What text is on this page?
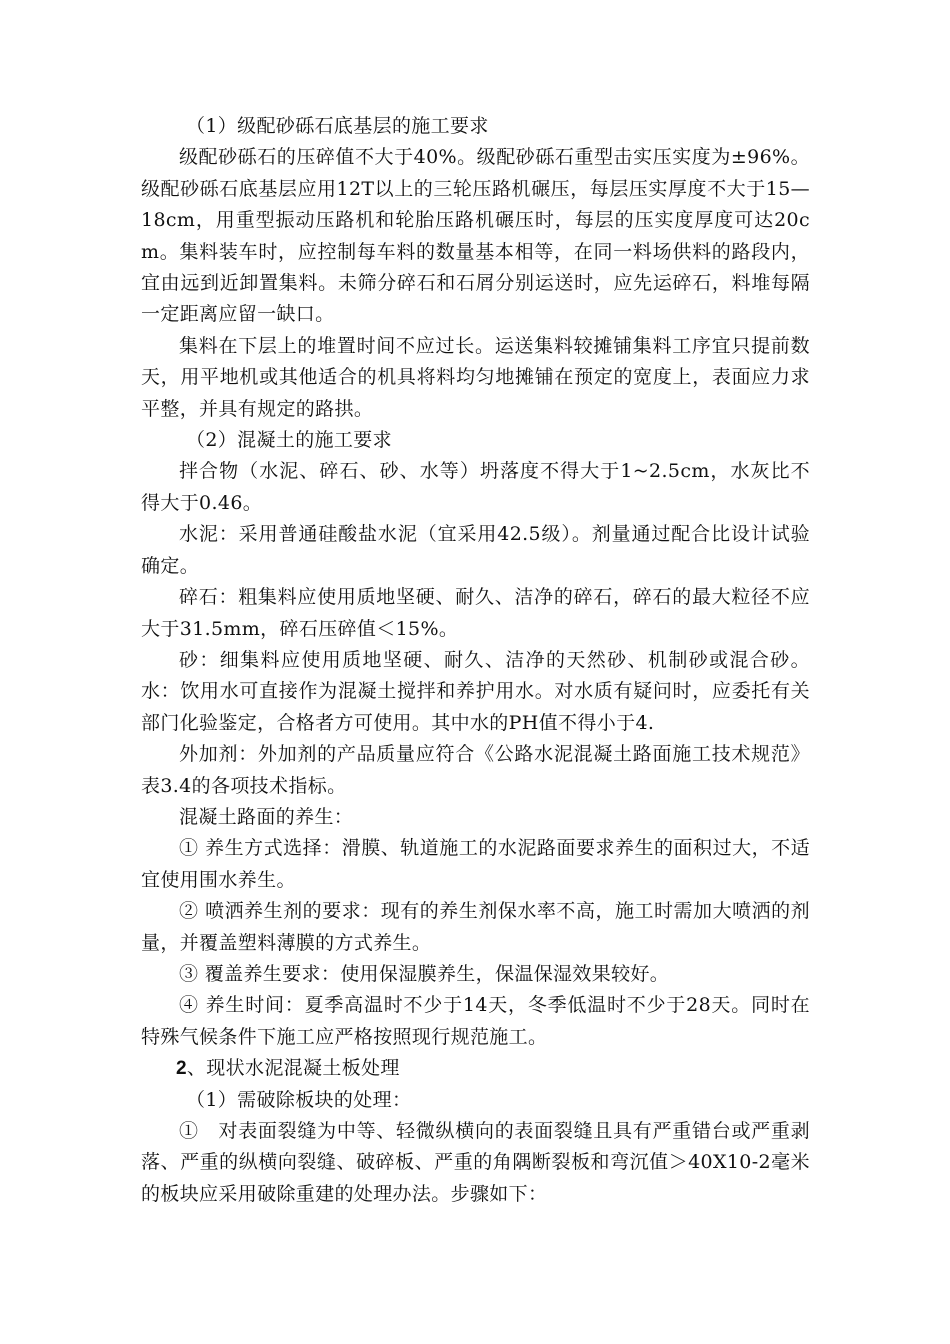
（1）级配砂砾石底基层的施工要求

级配砂砾石的压碎值不大于40%。级配砂砾石重型击实压实度为±96%。级配砂砾石底基层应用12T以上的三轮压路机碾压，每层压实厚度不大于15—18cm，用重型振动压路机和轮胎压路机碾压时，每层的压实度厚度可达20cm。集料装车时，应控制每车料的数量基本相等，在同一料场供料的路段内，宜由远到近卸置集料。未筛分碎石和石屑分别运送时，应先运碎石，料堆每隔一定距离应留一缺口。

集料在下层上的堆置时间不应过长。运送集料较摊铺集料工序宜只提前数天，用平地机或其他适合的机具将料均匀地摊铺在预定的宽度上，表面应力求平整，并具有规定的路拱。

（2）混凝土的施工要求

拌合物（水泥、碎石、砂、水等）坍落度不得大于1~2.5cm，水灰比不得大于0.46。

水泥：采用普通硅酸盐水泥（宜采用42.5级）。剂量通过配合比设计试验确定。

碎石：粗集料应使用质地坚硬、耐久、洁净的碎石，碎石的最大粒径不应大于31.5mm，碎石压碎值＜15%。

砂：细集料应使用质地坚硬、耐久、洁净的天然砂、机制砂或混合砂。水：饮用水可直接作为混凝土搅拌和养护用水。对水质有疑问时，应委托有关部门化验鉴定，合格者方可使用。其中水的PH值不得小于4.

外加剂：外加剂的产品质量应符合《公路水泥混凝土路面施工技术规范》表3.4的各项技术指标。

混凝土路面的养生：

① 养生方式选择：滑膜、轨道施工的水泥路面要求养生的面积过大，不适宜使用围水养生。

② 喷洒养生剂的要求：现有的养生剂保水率不高，施工时需加大喷洒的剂量，并覆盖塑料薄膜的方式养生。

③ 覆盖养生要求：使用保湿膜养生，保温保湿效果较好。

④ 养生时间：夏季高温时不少于14天，冬季低温时不少于28天。同时在特殊气候条件下施工应严格按照现行规范施工。

2、现状水泥混凝土板处理

（1）需破除板块的处理：

①　对表面裂缝为中等、轻微纵横向的表面裂缝且具有严重错台或严重剥落、严重的纵横向裂缝、破碎板、严重的角隅断裂板和弯沉值＞40X10-2毫米的板块应采用破除重建的处理办法。步骤如下：
